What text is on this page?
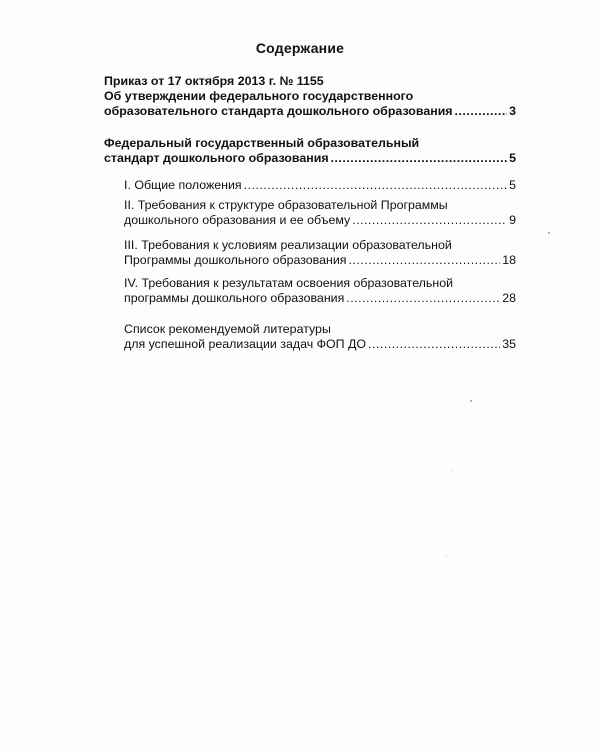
Содержание
Приказ от 17 октября 2013 г. № 1155
Об утверждении федерального государственного
образовательного стандарта дошкольного образования .....	3
Федеральный государственный образовательный
стандарт дошкольного образования .....	5
I. Общие положения .....	5
II. Требования к структуре образовательной Программы
дошкольного образования и ее объему .....	9
III. Требования к условиям реализации образовательной
Программы дошкольного образования .....	18
IV. Требования к результатам освоения образовательной
программы дошкольного образования .....	28
Список рекомендуемой литературы
для успешной реализации задач ФОП ДО .....	35
